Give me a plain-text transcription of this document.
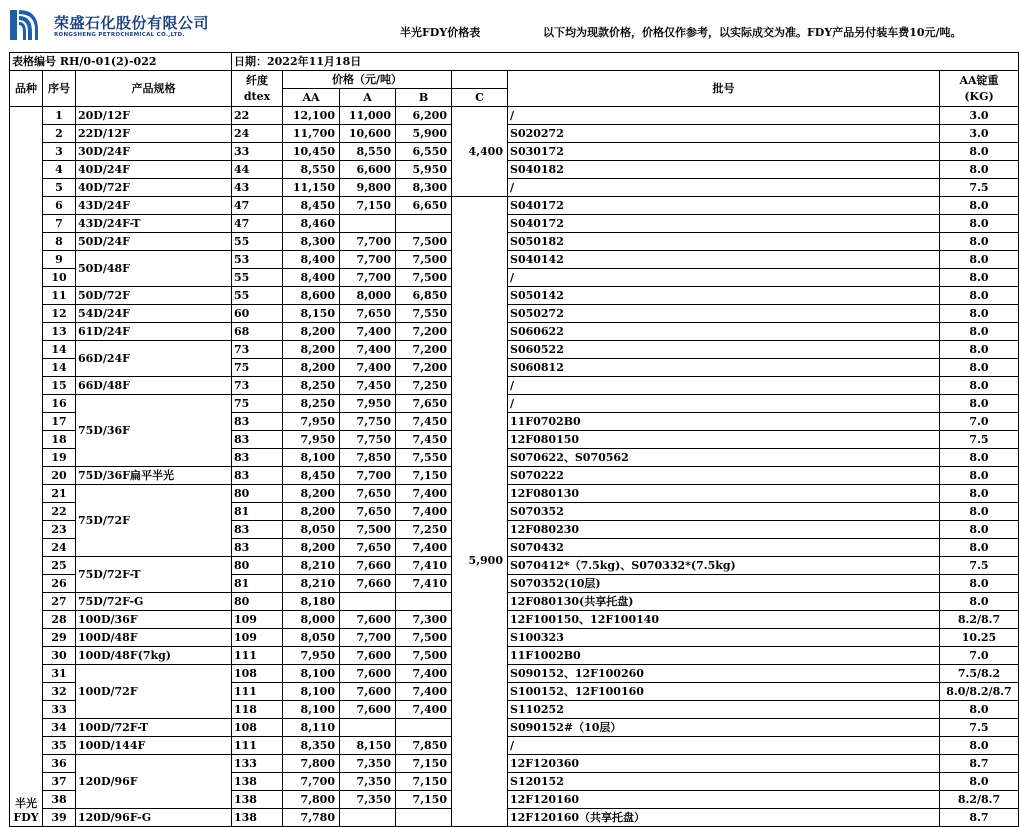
荣盛石化股份有限公司
RONGSHENG PETROCHEMICAL CO.,LTD.	半光FDY价格表	以下均为现款价格，价格仅作参考，以实际成交为准。FDY产品另付装车费10元/吨。
表格编号 RH/0-01(2)-022			日期：2022年11月18日						
品种	序号	产品规格	纤度
dtex	价格（元/吨）				批号	AA锭重
(KG)
				AA	A	B	C		
半光
FDY	1	20D/12F	22	12,100	11,000	6,200	4,400	/	3.0
	2	22D/12F	24	11,700	10,600	5,900		S020272	3.0
	3	30D/24F	33	10,450	8,550	6,550		S030172	8.0
	4	40D/24F	44	8,550	6,600	5,950		S040182	8.0
	5	40D/72F	43	11,150	9,800	8,300		/	7.5
	6	43D/24F	47	8,450	7,150	6,650	5,900	S040172	8.0
	7	43D/24F-T	47	8,460				S040172	8.0
	8	50D/24F	55	8,300	7,700	7,500		S050182	8.0
	9	50D/48F	53	8,400	7,700	7,500		S040142	8.0
	10		55	8,400	7,700	7,500		/	8.0
	11	50D/72F	55	8,600	8,000	6,850		S050142	8.0
	12	54D/24F	60	8,150	7,650	7,550		S050272	8.0
	13	61D/24F	68	8,200	7,400	7,200		S060622	8.0
	14	66D/24F	73	8,200	7,400	7,200		S060522	8.0
	14		75	8,200	7,400	7,200		S060812	8.0
	15	66D/48F	73	8,250	7,450	7,250		/	8.0
	16	75D/36F	75	8,250	7,950	7,650		/	8.0
	17		83	7,950	7,750	7,450		11F0702B0	7.0
	18		83	7,950	7,750	7,450		12F080150	7.5
	19		83	8,100	7,850	7,550		S070622、S070562	8.0
	20	75D/36F扁平半光	83	8,450	7,700	7,150		S070222	8.0
	21	75D/72F	80	8,200	7,650	7,400		12F080130	8.0
	22		81	8,200	7,650	7,400		S070352	8.0
	23		83	8,050	7,500	7,250		12F080230	8.0
	24		83	8,200	7,650	7,400		S070432	8.0
	25	75D/72F-T	80	8,210	7,660	7,410		S070412*（7.5kg)、S070332*(7.5kg)	7.5
	26		81	8,210	7,660	7,410		S070352(10层)	8.0
	27	75D/72F-G	80	8,180				12F080130(共享托盘)	8.0
	28	100D/36F	109	8,000	7,600	7,300		12F100150、12F100140	8.2/8.7
	29	100D/48F	109	8,050	7,700	7,500		S100323	10.25
	30	100D/48F(7kg)	111	7,950	7,600	7,500		11F1002B0	7.0
	31	100D/72F	108	8,100	7,600	7,400		S090152、12F100260	7.5/8.2
	32		111	8,100	7,600	7,400		S100152、12F100160	8.0/8.2/8.7
	33		118	8,100	7,600	7,400		S110252	8.0
	34	100D/72F-T	108	8,110				S090152#（10层）	7.5
	35	100D/144F	111	8,350	8,150	7,850		/	8.0
	36	120D/96F	133	7,800	7,350	7,150		12F120360	8.7
	37		138	7,700	7,350	7,150		S120152	8.0
	38		138	7,800	7,350	7,150		12F120160	8.2/8.7
	39	120D/96F-G	138	7,780				12F120160（共享托盘）	8.7
